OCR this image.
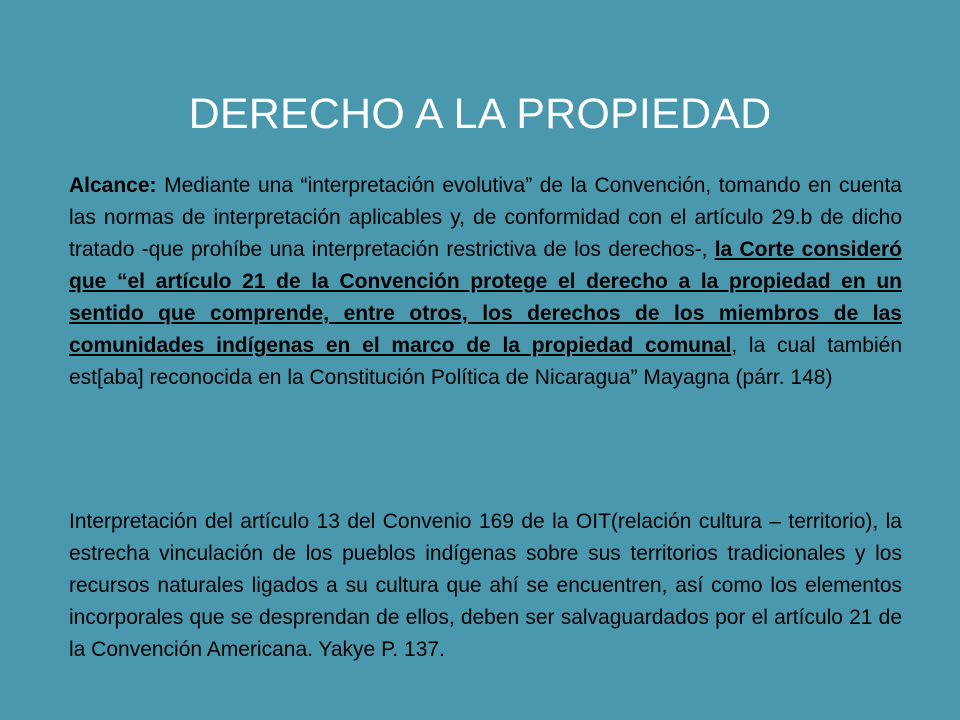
DERECHO A LA PROPIEDAD

Alcance: Mediante una “interpretación evolutiva” de la Convención, tomando en cuenta las normas de interpretación aplicables y, de conformidad con el artículo 29.b de dicho tratado -que prohíbe una interpretación restrictiva de los derechos-, la Corte consideró que “el artículo 21 de la Convención protege el derecho a la propiedad en un sentido que comprende, entre otros, los derechos de los miembros de las comunidades indígenas en el marco de la propiedad comunal, la cual también est[aba] reconocida en la Constitución Política de Nicaragua” Mayagna (párr. 148)

Interpretación del artículo 13 del Convenio 169 de la OIT(relación cultura – territorio), la estrecha vinculación de los pueblos indígenas sobre sus territorios tradicionales y los recursos naturales ligados a su cultura que ahí se encuentren, así como los elementos incorporales que se desprendan de ellos, deben ser salvaguardados por el artículo 21 de la Convención Americana. Yakye P. 137.
